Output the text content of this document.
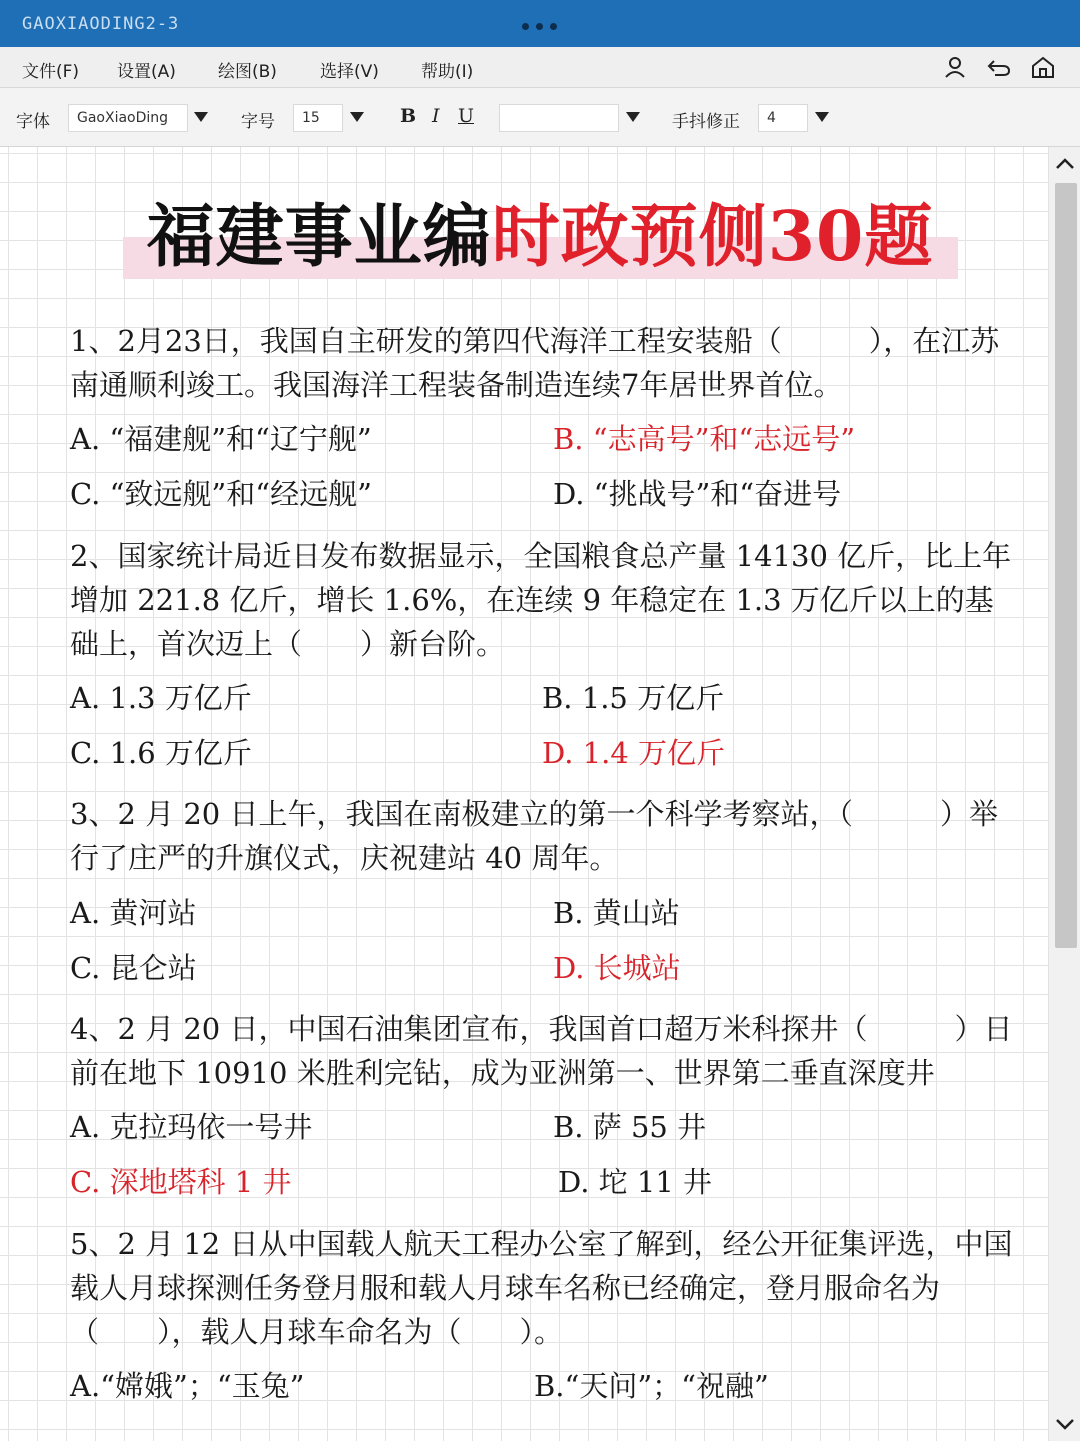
GAOXIAODING2-3
文件(F) 设置(A) 绘图(B)	选择(V) 帮助(I)
字体	GaoXiaoDing	字号	15	B I U	手抖修正	4
福建事业编时政预侧30题
1、2月23日，我国自主研发的第四代海洋工程安装船（　　　），在江苏南通顺利竣工。我国海洋工程装备制造连续7年居世界首位。
A. “福建舰”和“辽宁舰”	B. “志高号”和“志远号”
C. “致远舰”和“经远舰”	D. “挑战号”和“奋进号
2、国家统计局近日发布数据显示，全国粮食总产量 14130 亿斤，比上年增加 221.8 亿斤，增长 1.6%，在连续 9 年稳定在 1.3 万亿斤以上的基础上，首次迈上（　　）新台阶。
A. 1.3 万亿斤	B. 1.5 万亿斤
C. 1.6 万亿斤	D. 1.4 万亿斤
3、2 月 20 日上午，我国在南极建立的第一个科学考察站，（　　　）举行了庄严的升旗仪式，庆祝建站 40 周年。
A. 黄河站	B. 黄山站
C. 昆仑站	D. 长城站
4、2 月 20 日，中国石油集团宣布，我国首口超万米科探井（　　　）日前在地下 10910 米胜利完钻，成为亚洲第一、世界第二垂直深度井
A. 克拉玛依一号井	B. 萨 55 井
C. 深地塔科 1 井	D. 坨 11 井
5、2 月 12 日从中国载人航天工程办公室了解到，经公开征集评选，中国载人月球探测任务登月服和载人月球车名称已经确定，登月服命名为（　　），载人月球车命名为（　　）。
A.“嫦娥”；“玉兔”	B.“天问”；“祝融”
